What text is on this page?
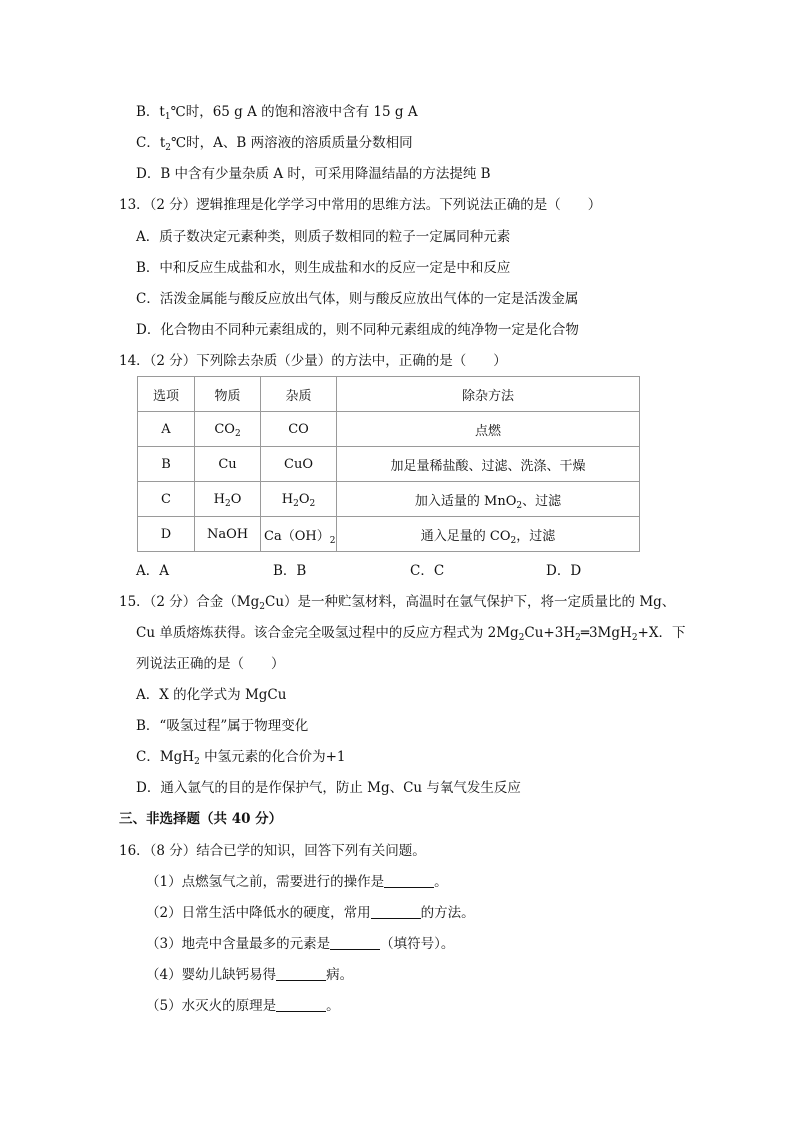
B．$t_1℃$时，65 g A 的饱和溶液中含有 15 g A
C．$t_2℃$时，A、B 两溶液的溶质质量分数相同
D．B 中含有少量杂质 A 时，可采用降温结晶的方法提纯 B
13．（2 分）逻辑推理是化学学习中常用的思维方法。下列说法正确的是（　　）
A．质子数决定元素种类，则质子数相同的粒子一定属同种元素
B．中和反应生成盐和水，则生成盐和水的反应一定是中和反应
C．活泼金属能与酸反应放出气体，则与酸反应放出气体的一定是活泼金属
D．化合物由不同种元素组成的，则不同种元素组成的纯净物一定是化合物
14．（2 分）下列除去杂质（少量）的方法中，正确的是（　　）
选项	物质	杂质	除杂方法
A	$CO_2$	CO	点燃
B	Cu	CuO	加足量稀盐酸、过滤、洗涤、干燥
C	$H_2O$	$H_2O_2$	加入适量的 MnO$_2$、过滤
D	NaOH	$Ca(OH)_2$	通入足量的 $CO_2$，过滤
A．A	B．B	C．C	D．D
15．（2 分）合金$(Mg_2Cu)$是一种贮氢材料，高温时在氩气保护下，将一定质量比的 Mg、
Cu 单质熔炼获得。该合金完全吸氢过程中的反应方程式为 $2Mg_2Cu+3H_2═3MgH_2+X$．下
列说法正确的是（　　）
A．X 的化学式为 MgCu
B．“吸氢过程”属于物理变化
C．MgH$_2$ 中氢元素的化合价为+1
D．通入氩气的目的是作保护气，防止 Mg、Cu 与氧气发生反应
三、非选择题（共 40 分）
16．（8 分）结合已学的知识，回答下列有关问题。
（1）点燃氢气之前，需要进行的操作是	。
（2）日常生活中降低水的硬度，常用	的方法。
（3）地壳中含量最多的元素是	（填符号）。
（4）婴幼儿缺钙易得	病。
（5）水灭火的原理是	。
